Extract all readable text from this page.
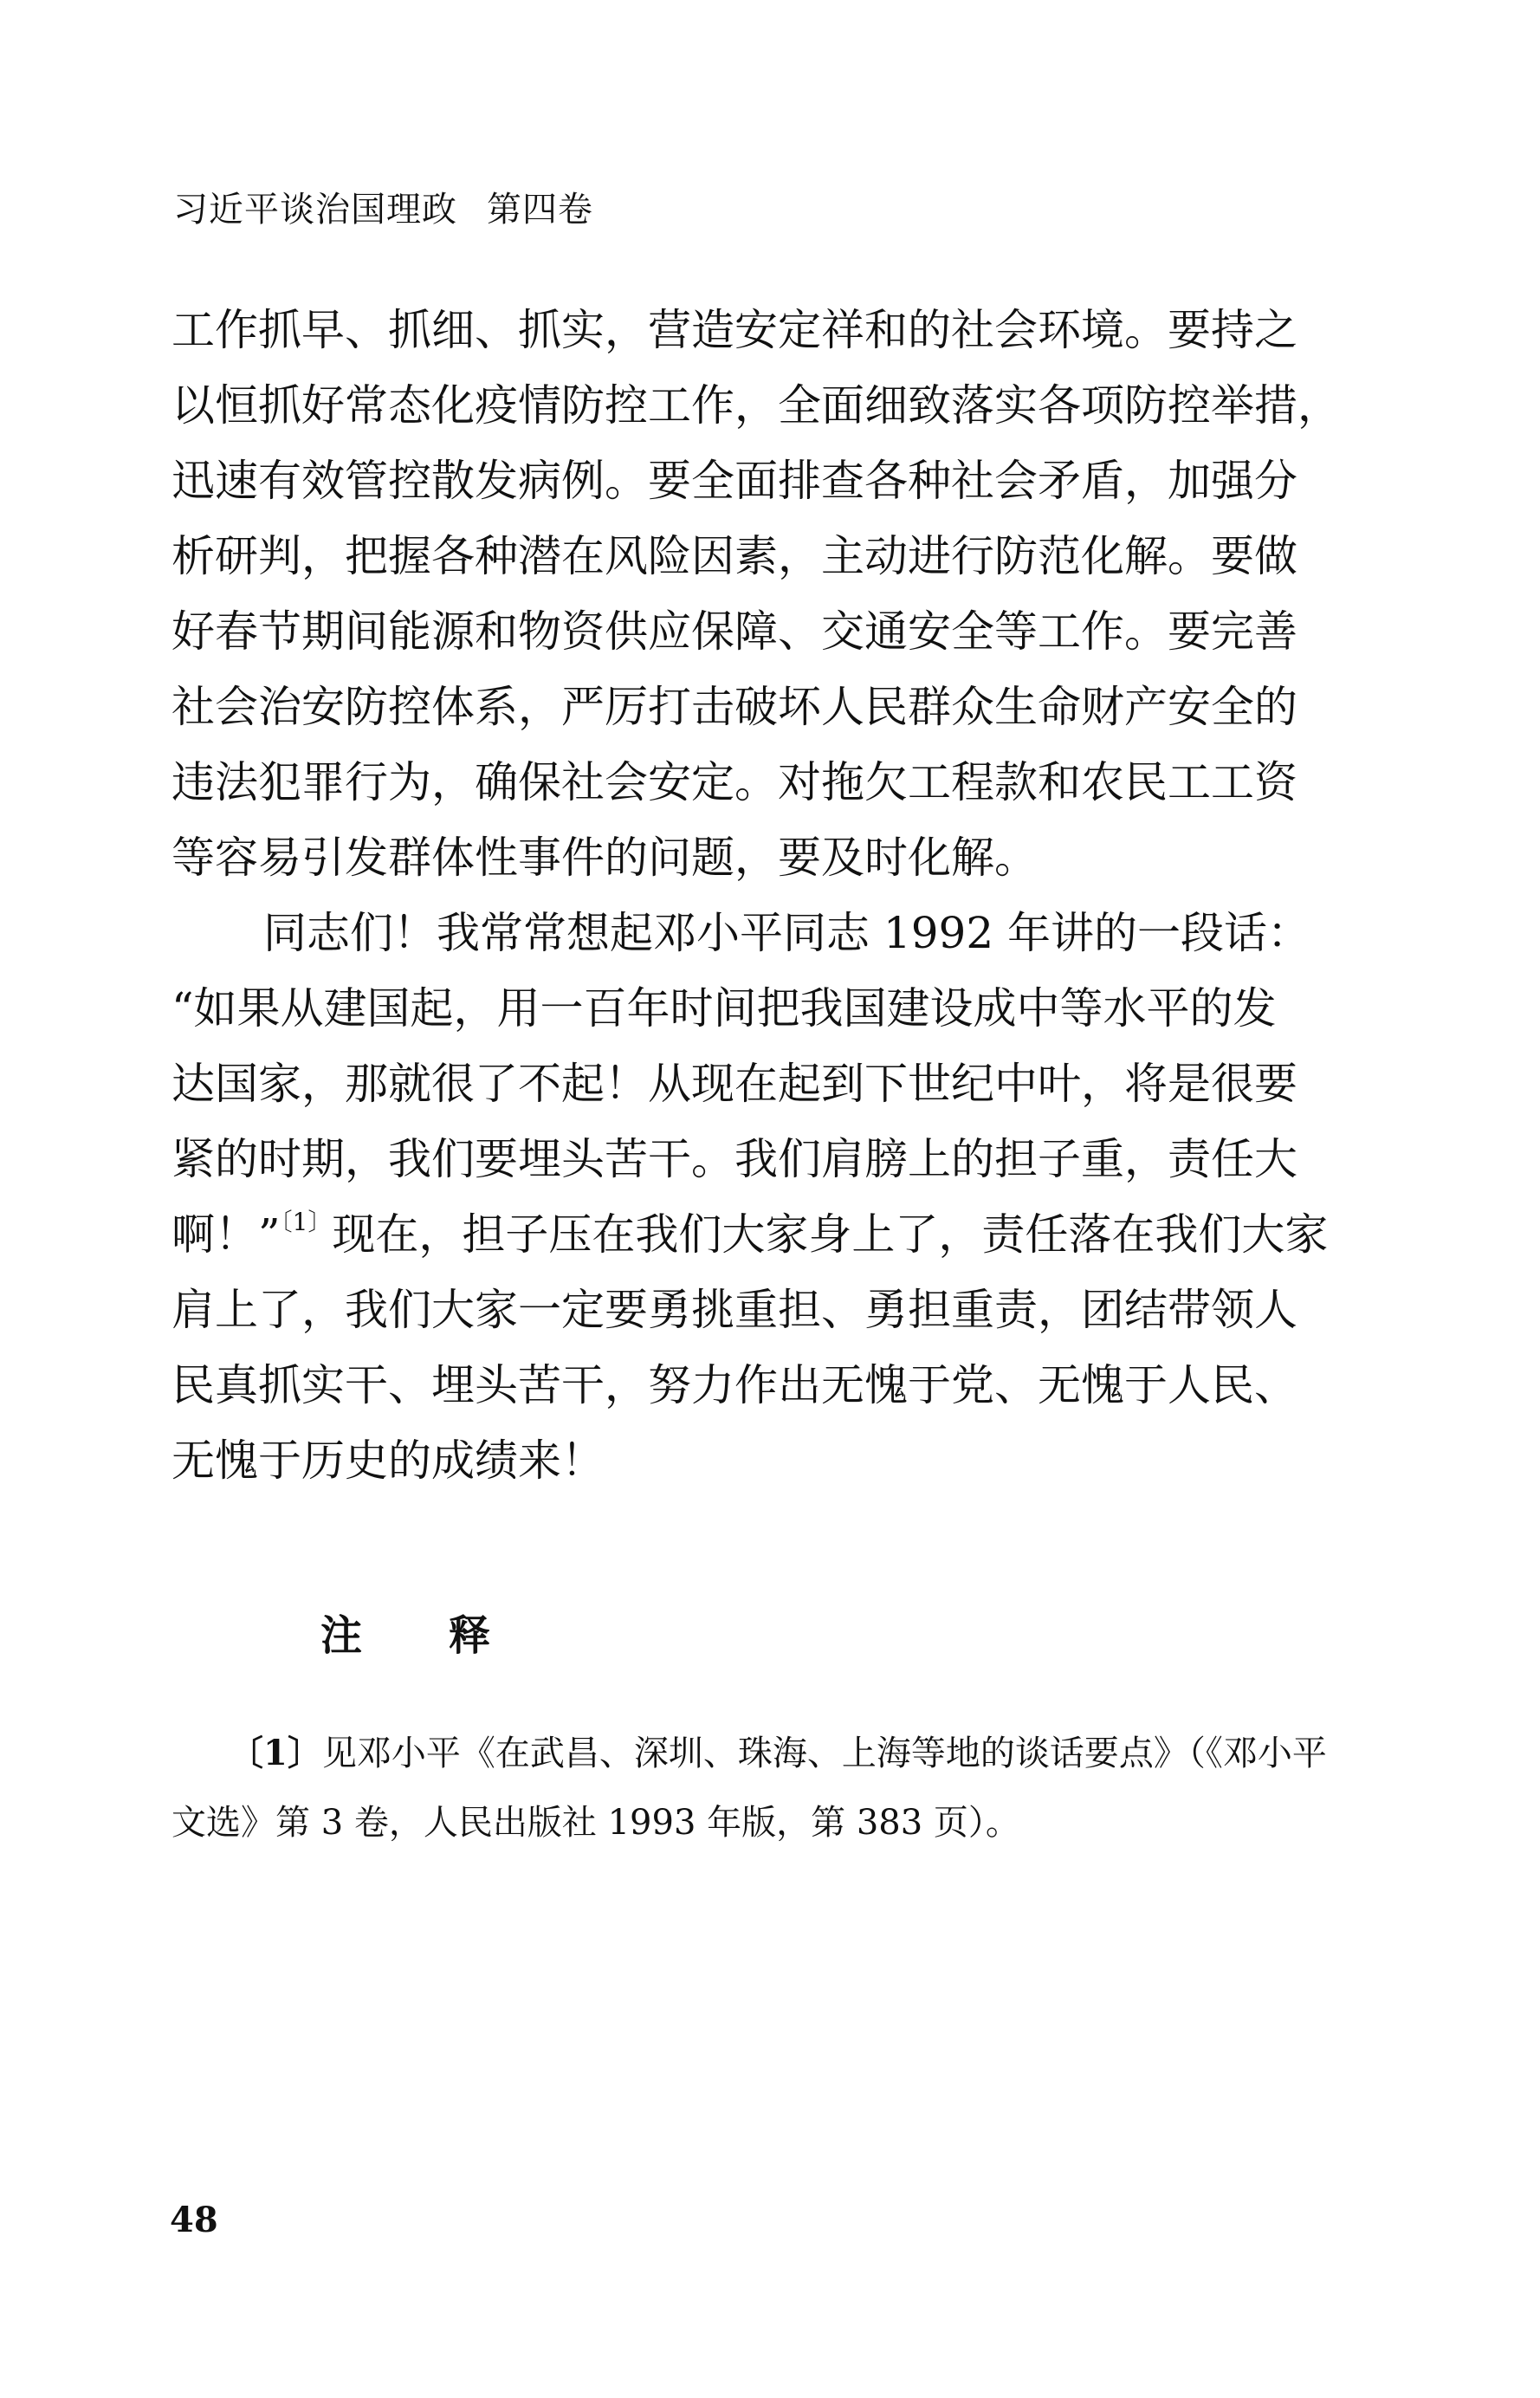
习近平谈治国理政 第四卷
工作抓早、抓细、抓实，营造安定祥和的社会环境。要持之
以恒抓好常态化疫情防控工作，全面细致落实各项防控举措，
迅速有效管控散发病例。要全面排查各种社会矛盾，加强分
析研判，把握各种潜在风险因素，主动进行防范化解。要做
好春节期间能源和物资供应保障、交通安全等工作。要完善
社会治安防控体系，严厉打击破坏人民群众生命财产安全的
违法犯罪行为，确保社会安定。对拖欠工程款和农民工工资
等容易引发群体性事件的问题，要及时化解。
同志们！我常常想起邓小平同志 1992 年讲的一段话：
“如果从建国起，用一百年时间把我国建设成中等水平的发
达国家，那就很了不起！从现在起到下世纪中叶，将是很要
紧的时期，我们要埋头苦干。我们肩膀上的担子重，责任大
啊！”$^{〔1〕}$现在，担子压在我们大家身上了，责任落在我们大家
肩上了，我们大家一定要勇挑重担、勇担重责，团结带领人
民真抓实干、埋头苦干，努力作出无愧于党、无愧于人民、
无愧于历史的成绩来！
注 释
〔1〕见邓小平《在武昌、深圳、珠海、上海等地的谈话要点》（《邓小平
文选》第 3 卷，人民出版社 1993 年版，第 383 页）。
48
